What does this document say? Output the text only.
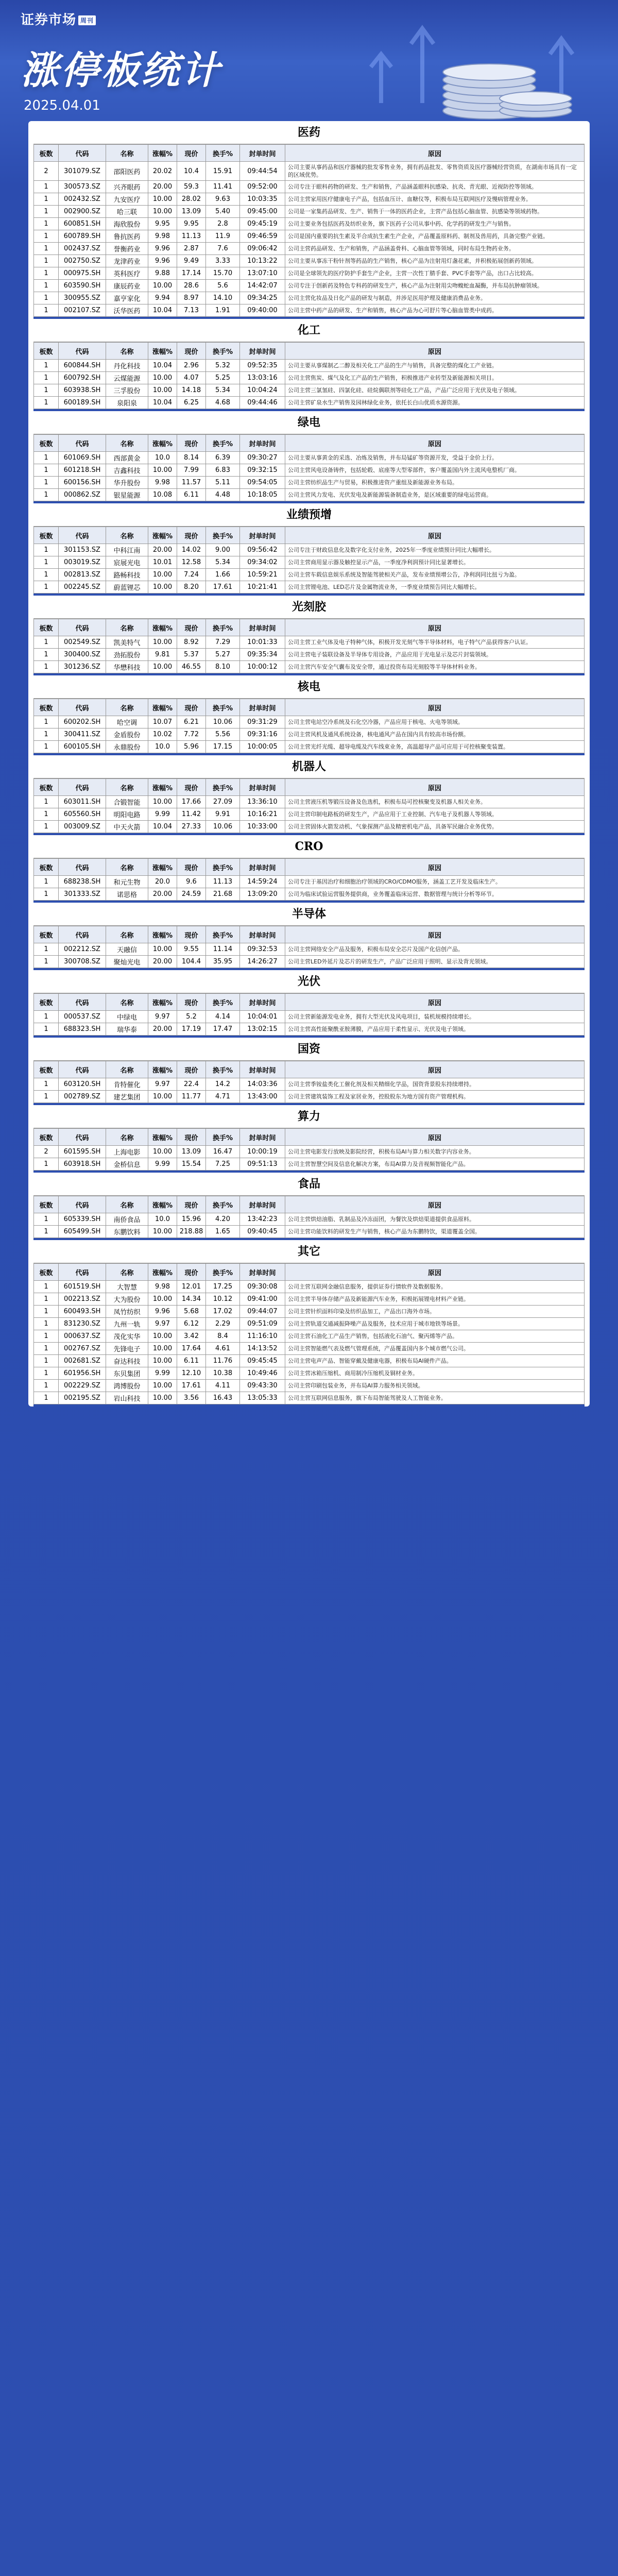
证券市场 周刊
涨停板统计
2025.04.01
医药
板数	代码	名称	涨幅%	现价	换手%	封单时间	原因
2	301079.SZ	邵阳医药	20.02	10.4	15.91	09:44:54	公司主要从事药品和医疗器械的批发零售业务，拥有药品批发、零售资质及医疗器械经营资质，在湖南市场具有一定的区域优势。
1	300573.SZ	兴齐眼药	20.00	59.3	11.41	09:52:00	公司专注于眼科药物的研发、生产和销售，产品涵盖眼科抗感染、抗炎、青光眼、近视防控等领域。
1	002432.SZ	九安医疗	10.00	28.02	9.63	10:03:35	公司主营家用医疗健康电子产品，包括血压计、血糖仪等，积极布局互联网医疗及慢病管理业务。
1	002900.SZ	哈三联	10.00	13.09	5.40	09:45:00	公司是一家集药品研发、生产、销售于一体的医药企业，主营产品包括心脑血管、抗感染等领域药物。
1	600851.SH	海欣股份	9.95	9.95	2.8	09:45:19	公司主要业务包括医药及纺织业务，旗下医药子公司从事中药、化学药的研发生产与销售。
1	600789.SH	鲁抗医药	9.98	11.13	11.9	09:46:59	公司是国内重要的抗生素及半合成抗生素生产企业，产品覆盖原料药、制剂及兽用药，具备完整产业链。
1	002437.SZ	誉衡药业	9.96	2.87	7.6	09:06:42	公司主营药品研发、生产和销售，产品涵盖骨科、心脑血管等领域，同时布局生物药业务。
1	002750.SZ	龙津药业	9.96	9.49	3.33	10:13:22	公司主要从事冻干粉针剂等药品的生产销售，核心产品为注射用灯盏花素，并积极拓展创新药领域。
1	000975.SH	英科医疗	9.88	17.14	15.70	13:07:10	公司是全球领先的医疗防护手套生产企业，主营一次性丁腈手套、PVC手套等产品，出口占比较高。
1	603590.SH	康辰药业	10.00	28.6	5.6	14:42:07	公司专注于创新药及特色专科药的研发生产，核心产品为注射用尖吻蝮蛇血凝酶，并布局抗肿瘤领域。
1	300955.SZ	嘉亨家化	9.94	8.97	14.10	09:34:25	公司主营化妆品及日化产品的研发与制造，并涉足医用护理及健康消费品业务。
1	002107.SZ	沃华医药	10.04	7.13	1.91	09:40:00	公司主营中药产品的研发、生产和销售，核心产品为心可舒片等心脑血管类中成药。
化工
板数	代码	名称	涨幅%	现价	换手%	封单时间	原因
1	600844.SH	丹化科技	10.04	2.96	5.32	09:52:35	公司主要从事煤制乙二醇及相关化工产品的生产与销售，具备完整的煤化工产业链。
1	600792.SH	云煤能源	10.00	4.07	5.25	13:03:16	公司主营焦炭、煤气及化工产品的生产销售，积极推进产业转型及新能源相关项目。
1	603938.SH	三孚股份	10.00	14.18	5.34	10:04:24	公司主营三氯氢硅、四氯化硅、硅烷偶联剂等硅化工产品，产品广泛应用于光伏及电子领域。
1	600189.SH	泉阳泉	10.04	6.25	4.68	09:44:46	公司主营矿泉水生产销售及园林绿化业务，依托长白山优质水源资源。
绿电
板数	代码	名称	涨幅%	现价	换手%	封单时间	原因
1	601069.SH	西部黄金	10.0	8.14	6.39	09:30:27	公司主要从事黄金的采选、冶炼及销售，并布局锰矿等资源开发，受益于金价上行。
1	601218.SH	吉鑫科技	10.00	7.99	6.83	09:32:15	公司主营风电设备铸件，包括轮毂、底座等大型零部件，客户覆盖国内外主流风电整机厂商。
1	600156.SH	华升股份	9.98	11.57	5.11	09:54:05	公司主营纺织品生产与贸易，积极推进资产重组及新能源业务布局。
1	000862.SZ	银星能源	10.08	6.11	4.48	10:18:05	公司主营风力发电、光伏发电及新能源装备制造业务，是区域重要的绿电运营商。
业绩预增
板数	代码	名称	涨幅%	现价	换手%	封单时间	原因
1	301153.SZ	中科江南	20.00	14.02	9.00	09:56:42	公司专注于财政信息化及数字化支付业务，2025年一季度业绩预计同比大幅增长。
1	003019.SZ	宸展光电	10.01	12.58	5.34	09:34:02	公司主营商用显示器及触控显示产品，一季度净利润预计同比显著增长。
1	002813.SZ	路畅科技	10.00	7.24	1.66	10:59:21	公司主营车载信息娱乐系统及智能驾驶相关产品，发布业绩预增公告，净利润同比扭亏为盈。
1	002245.SZ	蔚蓝锂芯	10.00	8.20	17.61	10:21:41	公司主营锂电池、LED芯片及金属物流业务，一季度业绩预告同比大幅增长。
光刻胶
板数	代码	名称	涨幅%	现价	换手%	封单时间	原因
1	002549.SZ	凯美特气	10.00	8.92	7.29	10:01:33	公司主营工业气体及电子特种气体，积极开发光刻气等半导体材料，电子特气产品获得客户认证。
1	300400.SZ	劲拓股份	9.81	5.37	5.27	09:35:34	公司主营电子装联设备及半导体专用设备，产品应用于光电显示及芯片封装领域。
1	301236.SZ	华懋科技	10.00	46.55	8.10	10:00:12	公司主营汽车安全气囊布及安全带，通过投资布局光刻胶等半导体材料业务。
核电
板数	代码	名称	涨幅%	现价	换手%	封单时间	原因
1	600202.SH	哈空调	10.07	6.21	10.06	09:31:29	公司主营电站空冷系统及石化空冷器，产品应用于核电、火电等领域。
1	300411.SZ	金盾股份	10.02	7.72	5.56	09:31:16	公司主营风机及通风系统设备，核电通风产品在国内具有较高市场份额。
1	600105.SH	永鼎股份	10.0	5.96	17.15	10:00:05	公司主营光纤光缆、超导电缆及汽车线束业务，高温超导产品可应用于可控核聚变装置。
机器人
板数	代码	名称	涨幅%	现价	换手%	封单时间	原因
1	603011.SH	合锻智能	10.00	17.66	27.09	13:36:10	公司主营液压机等锻压设备及色选机，积极布局可控核聚变及机器人相关业务。
1	605560.SH	明阳电路	9.99	11.42	9.91	10:16:21	公司主营印制电路板的研发生产，产品应用于工业控制、汽车电子及机器人等领域。
1	003009.SZ	中天火箭	10.04	27.33	10.06	10:33:00	公司主营固体火箭发动机、气象探测产品及精密机电产品，具备军民融合业务优势。
CRO
板数	代码	名称	涨幅%	现价	换手%	封单时间	原因
1	688238.SH	和元生物	20.0	9.6	11.13	14:59:24	公司专注于基因治疗和细胞治疗领域的CRO/CDMO服务，涵盖工艺开发及临床生产。
1	301333.SZ	诺思格	20.00	24.59	21.68	13:09:20	公司为临床试验运营服务提供商，业务覆盖临床运营、数据管理与统计分析等环节。
半导体
板数	代码	名称	涨幅%	现价	换手%	封单时间	原因
1	002212.SZ	天融信	10.00	9.55	11.14	09:32:53	公司主营网络安全产品及服务，积极布局安全芯片及国产化信创产品。
1	300708.SZ	聚灿光电	20.00	104.4	35.95	14:26:27	公司主营LED外延片及芯片的研发生产，产品广泛应用于照明、显示及背光领域。
光伏
板数	代码	名称	涨幅%	现价	换手%	封单时间	原因
1	000537.SZ	中绿电	9.97	5.2	4.14	10:04:01	公司主营新能源发电业务，拥有大型光伏及风电项目，装机规模持续增长。
1	688323.SH	瑞华泰	20.00	17.19	17.47	13:02:15	公司主营高性能聚酰亚胺薄膜，产品应用于柔性显示、光伏及电子领域。
国资
板数	代码	名称	涨幅%	现价	换手%	封单时间	原因
1	603120.SH	肯特催化	9.97	22.4	14.2	14:03:36	公司主营季铵盐类化工催化剂及相关精细化学品，国资背景股东持续增持。
1	002789.SZ	建艺集团	10.00	11.77	4.71	13:43:00	公司主营建筑装饰工程及家居业务，控股股东为地方国有资产管理机构。
算力
板数	代码	名称	涨幅%	现价	换手%	封单时间	原因
2	601595.SH	上海电影	10.00	13.09	16.47	10:00:19	公司主营电影发行放映及影院经营，积极布局AI与算力相关数字内容业务。
1	603918.SH	金桥信息	9.99	15.54	7.25	09:51:13	公司主营智慧空间及信息化解决方案，布局AI算力及音视频智能化产品。
食品
板数	代码	名称	涨幅%	现价	换手%	封单时间	原因
1	605339.SH	南侨食品	10.0	15.96	4.20	13:42:23	公司主营烘焙油脂、乳制品及冷冻面团，为餐饮及烘焙渠道提供食品原料。
1	605499.SH	东鹏饮料	10.00	218.88	1.65	09:40:45	公司主营功能饮料的研发生产与销售，核心产品为东鹏特饮，渠道覆盖全国。
其它
板数	代码	名称	涨幅%	现价	换手%	封单时间	原因
1	601519.SH	大智慧	9.98	12.01	17.25	09:30:08	公司主营互联网金融信息服务，提供证券行情软件及数据服务。
1	002213.SZ	大为股份	10.00	14.34	10.12	09:41:00	公司主营半导体存储产品及新能源汽车业务，积极拓展锂电材料产业链。
1	600493.SH	凤竹纺织	9.96	5.68	17.02	09:44:07	公司主营针织面料印染及纺织品加工，产品出口海外市场。
1	831230.SZ	九州一轨	9.97	6.12	2.29	09:51:09	公司主营轨道交通减振降噪产品及服务，技术应用于城市地铁等场景。
1	000637.SZ	茂化实华	10.00	3.42	8.4	11:16:10	公司主营石油化工产品生产销售，包括液化石油气、聚丙烯等产品。
1	002767.SZ	先锋电子	10.00	17.64	4.61	14:13:52	公司主营智能燃气表及燃气管理系统，产品覆盖国内多个城市燃气公司。
1	002681.SZ	奋达科技	10.00	6.11	11.76	09:45:45	公司主营电声产品、智能穿戴及健康电器，积极布局AI硬件产品。
1	601956.SH	东贝集团	9.99	12.10	10.38	10:49:46	公司主营冰箱压缩机、商用制冷压缩机及铜材业务。
1	002229.SZ	鸿博股份	10.00	17.61	4.11	09:43:30	公司主营印刷包装业务，并布局AI算力服务相关领域。
1	002195.SZ	岩山科技	10.00	3.56	16.43	13:05:33	公司主营互联网信息服务，旗下布局智能驾驶及人工智能业务。
